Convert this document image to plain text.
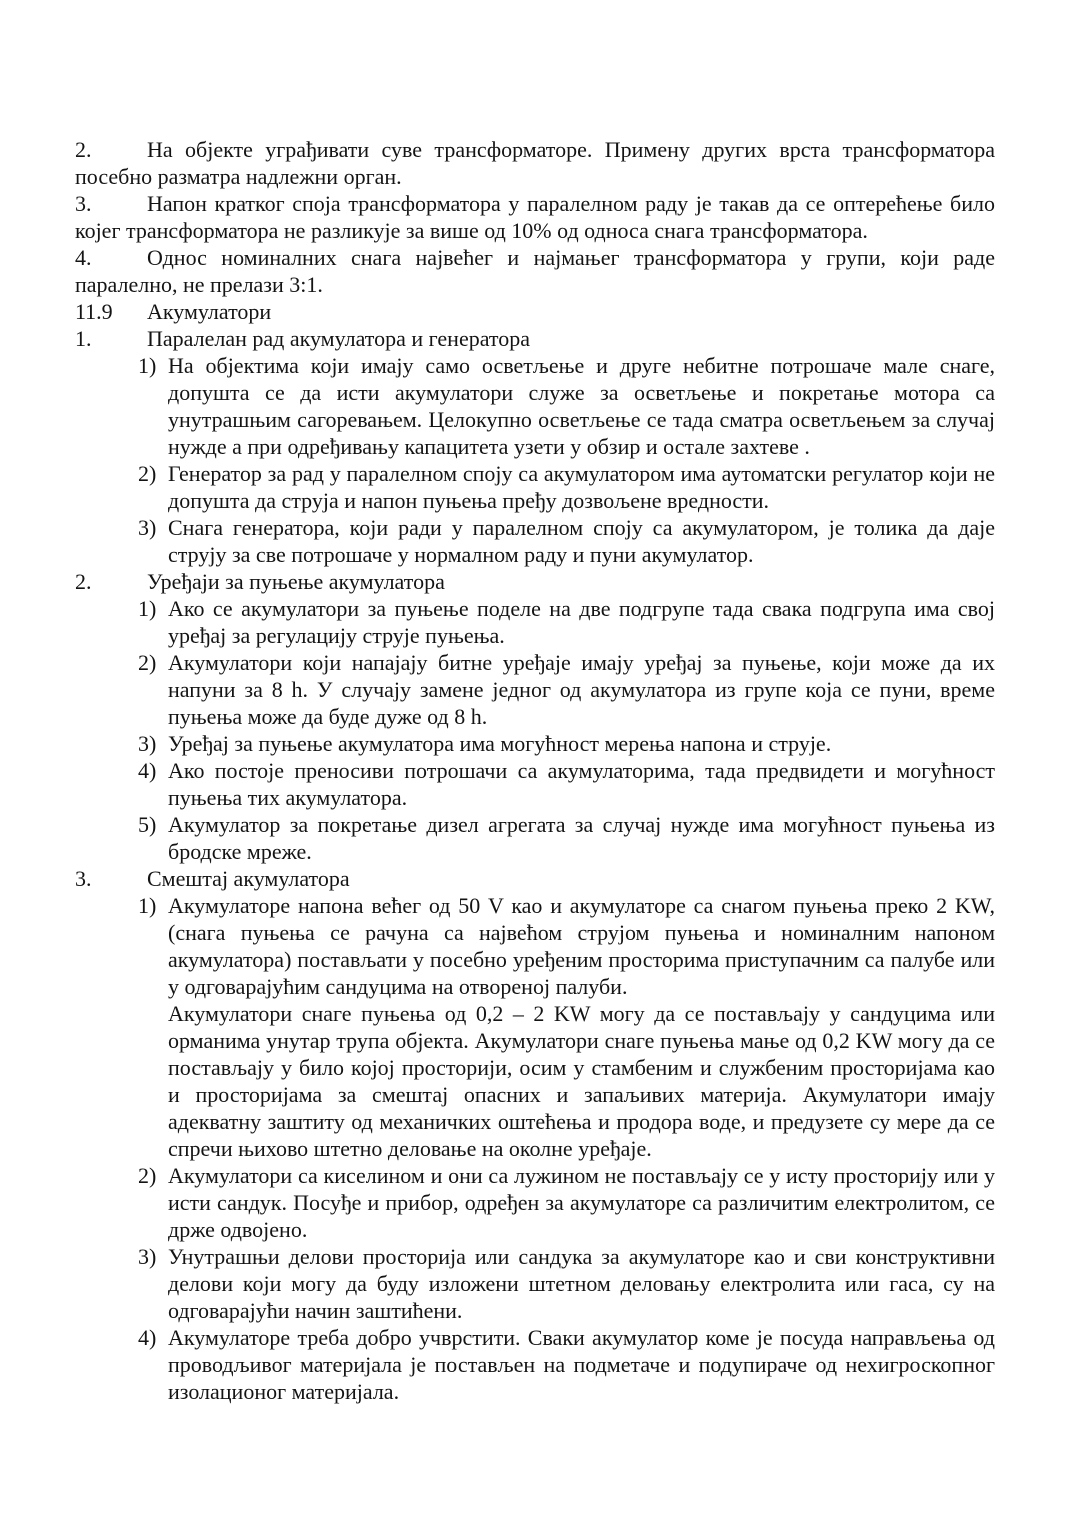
2.	На објекте уграђивати суве трансформаторе. Примену других врста трансформатора посебно разматра надлежни орган.

3.	Напон кратког споја трансформатора у паралелном раду је такав да се оптерећење било којег трансформатора не разликује за више од 10% од односа снага трансформатора.

4.	Однос номиналних снага највећег и најмањег трансформатора у групи, који раде паралелно, не прелази 3:1.

11.9 Акумулатори

1.	Паралелан рад акумулатора и генератора

1) На објектима који имају само осветљење и друге небитне потрошаче мале снаге, допушта се да исти акумулатори служе за осветљење и покретање мотора са унутрашњим сагоревањем. Целокупно осветљење се тада сматра осветљењем за случај нужде а при одређивању капацитета узети у обзир и остале захтеве .
2) Генератор за рад у паралелном споју са акумулатором има аутоматски регулатор који не допушта да струја и напон пуњења пређу дозвољене вредности.
3) Снага генератора, који ради у паралелном споју са акумулатором, је толика да даје струју за све потрошаче у нормалном раду и пуни акумулатор.

2.	Уређаји за пуњење акумулатора

1) Ако се акумулатори за пуњење поделе на две подгрупе тада свака подгрупа има свој уређај за регулацију струје пуњења.
2) Акумулатори који напајају битне уређаје имају уређај за пуњење, који може да их напуни за 8 h. У случају замене једног од акумулатора из групе која се пуни, време пуњења може да буде дуже од 8 h.
3) Уређај за пуњење акумулатора има могућност мерења напона и струје.
4) Ако постоје преносиви потрошачи са акумулаторима, тада предвидети и могућност пуњења тих акумулатора.
5) Акумулатор за покретање дизел агрегата за случај нужде има могућност пуњења из бродске мреже.

3.	Смештај акумулатора

1) Акумулаторе напона већег од 50 V као и акумулаторе са снагом пуњења преко 2 KW, (снага пуњења се рачуна са највећом струјом пуњења и номиналним напоном акумулатора) постављати у посебно уређеним просторима приступачним са палубе или у одговарајућим сандуцима на отвореној палуби.
Акумулатори снаге пуњења од 0,2 – 2 KW могу да се постављају у сандуцима или орманима унутар трупа објекта. Акумулатори снаге пуњења мање од 0,2 KW могу да се постављају у било којој просторији, осим у стамбеним и службеним просторијама као и просторијама за смештај опасних и запаљивих материја. Акумулатори имају адекватну заштиту од механичких оштећења и продора воде, и предузете су мере да се спречи њихово штетно деловање на околне уређаје.
2) Акумулатори са киселином и они са лужином не постављају се у исту просторију или у исти сандук. Посуђе и прибор, одређен за акумулаторе са различитим електролитом, се држе одвојено.
3) Унутрашњи делови просторија или сандука за акумулаторе као и сви конструктивни делови који могу да буду изложени штетном деловању електролита или гаса, су на одговарајући начин заштићени.
4) Акумулаторе треба добро учврстити. Сваки акумулатор коме је посуда направљења од проводљивог материјала је постављен на подметаче и подупираче од нехигроскопног изолационог материјала.
